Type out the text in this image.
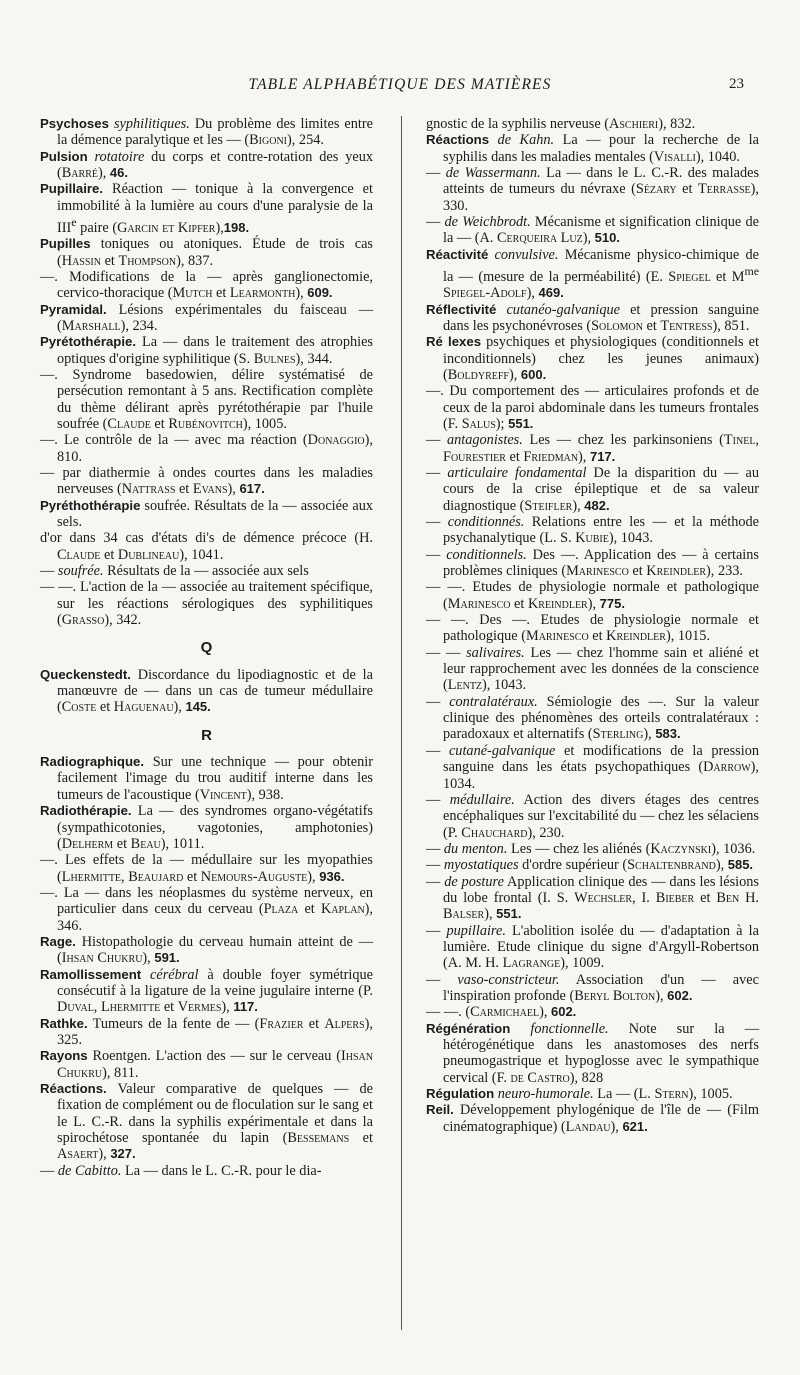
TABLE ALPHABÉTIQUE DES MATIÈRES	23

Psychoses syphilitiques. Du problème des limites entre la démence paralytique et les — (Bigoni), 254.

Pulsion rotatoire du corps et contre-rotation des yeux (Barré), 46.

Pupillaire. Réaction — tonique à la convergence et immobilité à la lumière au cours d'une paralysie de la IIIe paire (Garcin et Kipfer),198.

Pupilles toniques ou atoniques. Étude de trois cas (Hassin et Thompson), 837.

—. Modifications de la — après ganglionectomie, cervico-thoracique (Mutch et Learmonth), 609.

Pyramidal. Lésions expérimentales du faisceau — (Marshall), 234.

Pyrétothérapie. La — dans le traitement des atrophies optiques d'origine syphilitique (S. Bulnes), 344.

—. Syndrome basedowien, délire systématisé de persécution remontant à 5 ans. Rectification complète du thème délirant après pyrétothérapie par l'huile soufrée (Claude et Rubénovitch), 1005.

—. Le contrôle de la — avec ma réaction (Donaggio), 810.

— par diathermie à ondes courtes dans les maladies nerveuses (Nattrass et Evans), 617.

Pyréthothérapie soufrée. Résultats de la — associée aux sels.

d'or dans 34 cas d'états di's de démence précoce (H. Claude et Dublineau), 1041.

— soufrée. Résultats de la — associée aux sels

— —. L'action de la — associée au traitement spécifique, sur les réactions sérologiques des syphilitiques (Grasso), 342.

Q

Queckenstedt. Discordance du lipodiagnostic et de la manœuvre de — dans un cas de tumeur médullaire (Coste et Haguenau), 145.

R

Radiographique. Sur une technique — pour obtenir facilement l'image du trou auditif interne dans les tumeurs de l'acoustique (Vincent), 938.

Radiothérapie. La — des syndromes organo-végétatifs (sympathicotonies, vagotonies, amphotonies) (Delherm et Beau), 1011.

—. Les effets de la — médullaire sur les myopathies (Lhermitte, Beaujard et Nemours-Auguste), 936.

—. La — dans les néoplasmes du système nerveux, en particulier dans ceux du cerveau (Plaza et Kaplan), 346.

Rage. Histopathologie du cerveau humain atteint de — (Ihsan Chukru), 591.

Ramollissement cérébral à double foyer symétrique consécutif à la ligature de la veine jugulaire interne (P. Duval, Lhermitte et Vermes), 117.

Rathke. Tumeurs de la fente de — (Frazier et Alpers), 325.

Rayons Roentgen. L'action des — sur le cerveau (Ihsan Chukru), 811.

Réactions. Valeur comparative de quelques — de fixation de complément ou de floculation sur le sang et le L. C.-R. dans la syphilis expérimentale et dans la spirochétose spontanée du lapin (Bessemans et Asaert), 327.

— de Cabitto. La — dans le L. C.-R. pour le dia-

gnostic de la syphilis nerveuse (Aschieri), 832.

Réactions de Kahn. La — pour la recherche de la syphilis dans les maladies mentales (Visalli), 1040.

— de Wassermann. La — dans le L. C.-R. des malades atteints de tumeurs du névraxe (Sézary et Terrasse), 330.

— de Weichbrodt. Mécanisme et signification clinique de la — (A. Cerqueira Luz), 510.

Réactivité convulsive. Mécanisme physico-chimique de la — (mesure de la perméabilité) (E. Spiegel et $M^{me}$ Spiegel-Adolf), 469.

Réflectivité cutanéo-galvanique et pression sanguine dans les psychonévroses (Solomon et Tentress), 851.

Ré lexes psychiques et physiologiques (conditionnels et inconditionnels) chez les jeunes animaux) (Boldyreff), 600.

—. Du comportement des — articulaires profonds et de ceux de la paroi abdominale dans les tumeurs frontales (F. Salus); 551.

— antagonistes. Les — chez les parkinsoniens (Tinel, Fourestier et Friedman), 717.

— articulaire fondamental De la disparition du — au cours de la crise épileptique et de sa valeur diagnostique (Steifler), 482.

— conditionnés. Relations entre les — et la méthode psychanalytique (L. S. Kubie), 1043.

— conditionnels. Des —. Application des — à certains problèmes cliniques (Marinesco et Kreindler), 233.

— —. Etudes de physiologie normale et pathologique (Marinesco et Kreindler), 775.

— —. Des —. Etudes de physiologie normale et pathologique (Marinesco et Kreindler), 1015.

— — salivaires. Les — chez l'homme sain et aliéné et leur rapprochement avec les données de la conscience (Lentz), 1043.

— contralatéraux. Sémiologie des —. Sur la valeur clinique des phénomènes des orteils contralatéraux : paradoxaux et alternatifs (Sterling), 583.

— cutané-galvanique et modifications de la pression sanguine dans les états psychopathiques (Darrow), 1034.

— médullaire. Action des divers étages des centres encéphaliques sur l'excitabilité du — chez les sélaciens (P. Chauchard), 230.

— du menton. Les — chez les aliénés (Kaczynski), 1036.

— myostatiques d'ordre supérieur (Schaltenbrand), 585.

— de posture Application clinique des — dans les lésions du lobe frontal (I. S. Wechsler, I. Bieber et Ben H. Balser), 551.

— pupillaire. L'abolition isolée du — d'adaptation à la lumière. Etude clinique du signe d'Argyll-Robertson (A. M. H. Lagrange), 1009.

— vaso-constricteur. Association d'un — avec l'inspiration profonde (Beryl Bolton), 602.

— —. (Carmichael), 602.

Régénération fonctionnelle. Note sur la — hétérogénétique dans les anastomoses des nerfs pneumogastrique et hypoglosse avec le sympathique cervical (F. de Castro), 828

Régulation neuro-humorale. La — (L. Stern), 1005.

Reil. Développement phylogénique de l'île de — (Film cinématographique) (Landau), 621.
